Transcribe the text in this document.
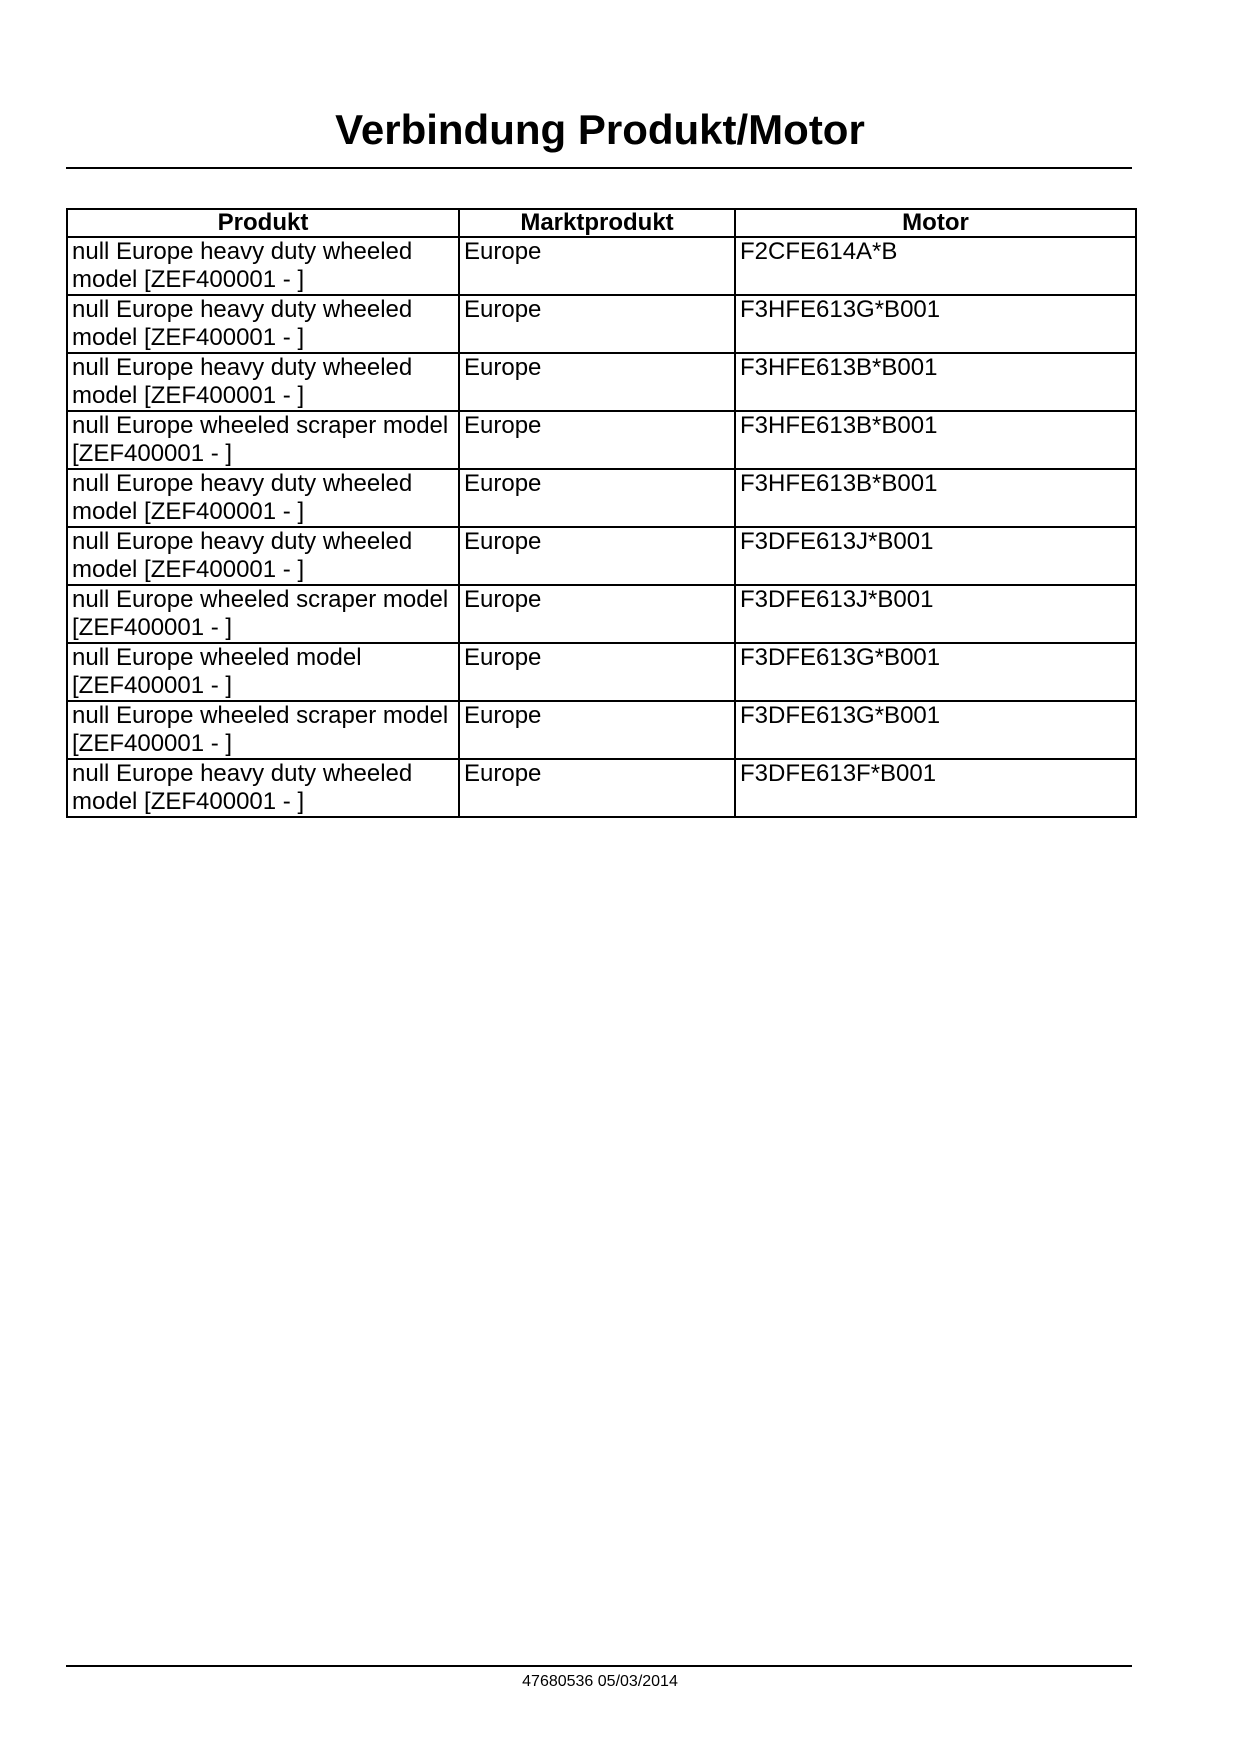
Verbindung Produkt/Motor
Produkt	Marktprodukt	Motor
null Europe heavy duty wheeled model [ZEF400001 - ]	Europe	F2CFE614A*B
null Europe heavy duty wheeled model [ZEF400001 - ]	Europe	F3HFE613G*B001
null Europe heavy duty wheeled model [ZEF400001 - ]	Europe	F3HFE613B*B001
null Europe wheeled scraper model [ZEF400001 - ]	Europe	F3HFE613B*B001
null Europe heavy duty wheeled model [ZEF400001 - ]	Europe	F3HFE613B*B001
null Europe heavy duty wheeled model [ZEF400001 - ]	Europe	F3DFE613J*B001
null Europe wheeled scraper model [ZEF400001 - ]	Europe	F3DFE613J*B001
null Europe wheeled model [ZEF400001 - ]	Europe	F3DFE613G*B001
null Europe wheeled scraper model [ZEF400001 - ]	Europe	F3DFE613G*B001
null Europe heavy duty wheeled model [ZEF400001 - ]	Europe	F3DFE613F*B001
47680536 05/03/2014
